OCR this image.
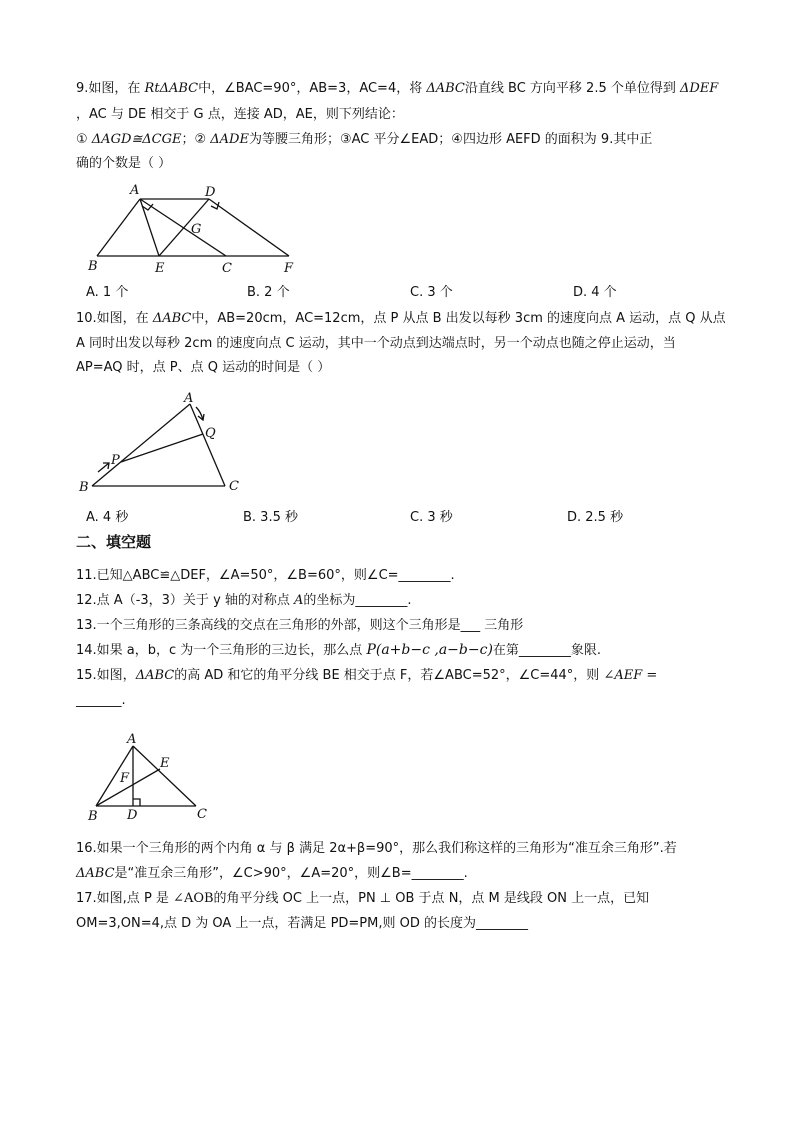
9.如图，在 RtΔABC中，∠BAC=90°，AB=3，AC=4，将 ΔABC沿直线 BC 方向平移 2.5 个单位得到 ΔDEF
，AC 与 DE 相交于 G 点，连接 AD，AE，则下列结论：
① ΔAGD≅ΔCGE；② ΔADE为等腰三角形；③AC 平分∠EAD；④四边形 AEFD 的面积为 9.其中正
确的个数是（ ）
A	D
G
B	E	C	F
A. 1 个	B. 2 个	C. 3 个	D. 4 个
10.如图，在 ΔABC中，AB=20cm，AC=12cm，点 P 从点 B 出发以每秒 3cm 的速度向点 A 运动，点 Q 从点
A 同时出发以每秒 2cm 的速度向点 C 运动，其中一个动点到达端点时，另一个动点也随之停止运动，当
AP=AQ 时，点 P、点 Q 运动的时间是（ ）
A
Q
P
B	C
A. 4 秒	B. 3.5 秒	C. 3 秒	D. 2.5 秒
二、填空题
11.已知△ABC≌△DEF，∠A=50°，∠B=60°，则∠C=________.
12.点 A（-3，3）关于 y 轴的对称点 A的坐标为________.
13.一个三角形的三条高线的交点在三角形的外部，则这个三角形是___ 三角形
14.如果 a，b，c 为一个三角形的三边长，那么点 P(a+b−c ,a−b−c)在第________象限.
15.如图，ΔABC的高 AD 和它的角平分线 BE 相交于点 F，若∠ABC=52°，∠C=44°，则 ∠AEF =
_______.
A
E
F
B D	C
16.如果一个三角形的两个内角 α 与 β 满足 2α+β=90°，那么我们称这样的三角形为“准互余三角形”.若
ΔABC是“准互余三角形”，∠C>90°，∠A=20°，则∠B=________.
17.如图,点 P 是 ∠AOB的角平分线 OC 上一点，PN ⊥ OB 于点 N，点 M 是线段 ON 上一点，已知
OM=3,ON=4,点 D 为 OA 上一点，若满足 PD=PM,则 OD 的长度为________
